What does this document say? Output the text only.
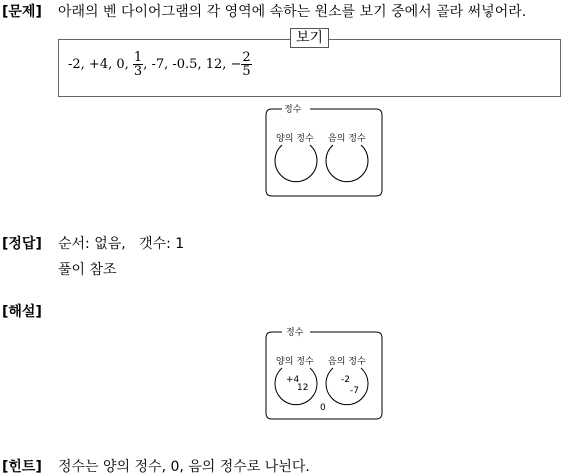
[문제] 아래의 벤 다이어그램의 각 영역에 속하는 원소를 보기 중에서 골라 써넣어라.
보기
-2, +4, 0, $\frac{1}{3}$ , -7, -0.5, 12, − $\frac{2}{5}$
정수
양의 정수 음의 정수
[정답] 순서: 없음,   갯수: 1
풀이 참조
[해설]
정수
양의 정수 음의 정수
+4
12
-2
-7
0
[힌트] 정수는 양의 정수, 0, 음의 정수로 나뉜다.
